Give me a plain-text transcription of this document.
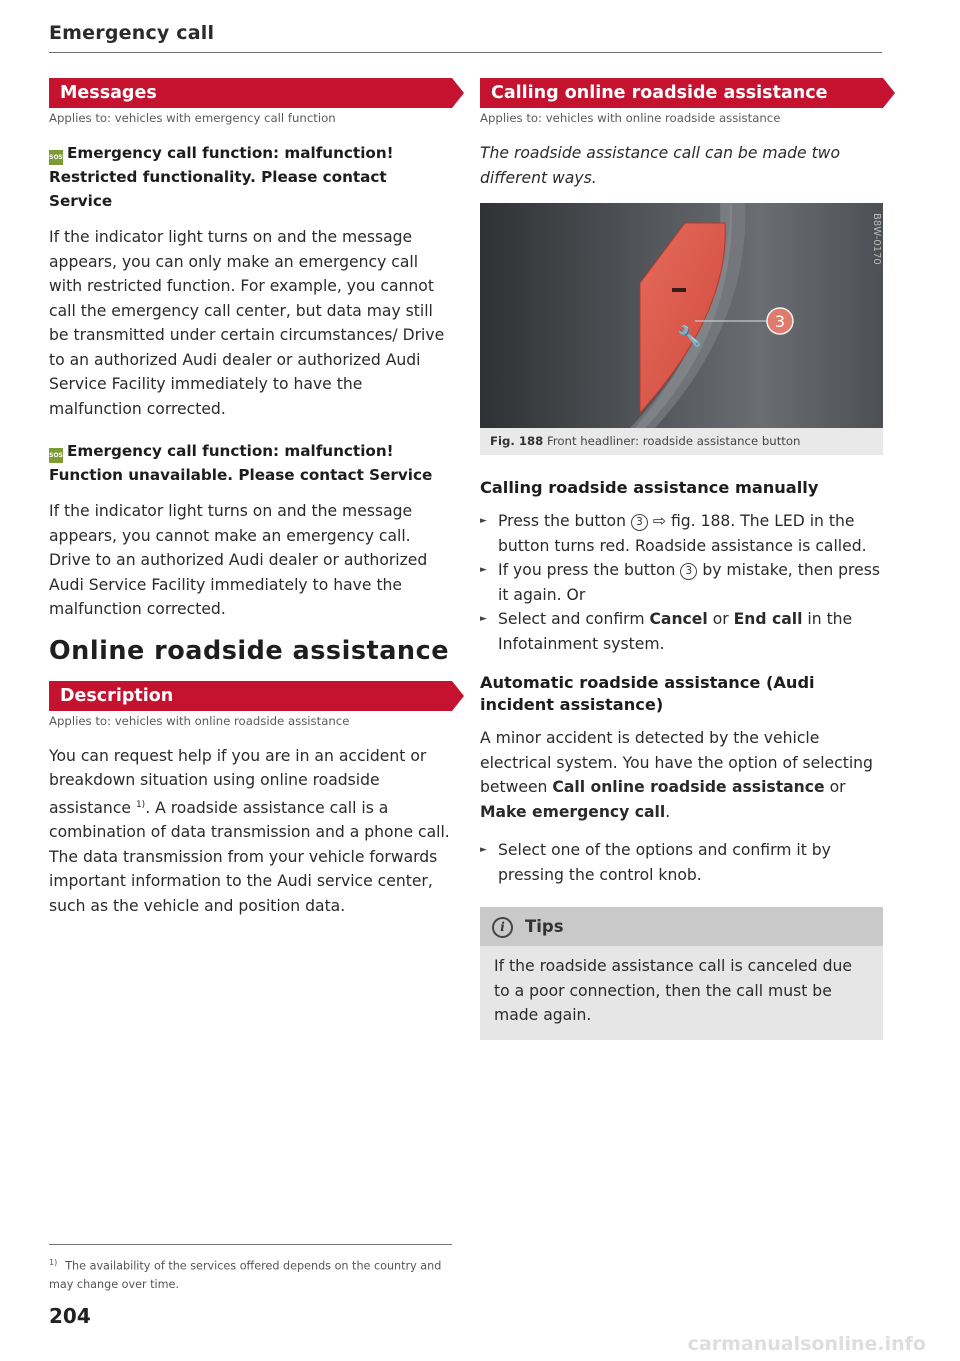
Emergency call
Messages
Applies to: vehicles with emergency call function
SOS Emergency call function: malfunction! Restricted functionality. Please contact Service

If the indicator light turns on and the message appears, you can only make an emergency call with restricted function. For example, you cannot call the emergency call center, but data may still be transmitted under certain circumstances/ Drive to an authorized Audi dealer or authorized Audi Service Facility immediately to have the malfunction corrected.

SOS Emergency call function: malfunction! Function unavailable. Please contact Service

If the indicator light turns on and the message appears, you cannot make an emergency call. Drive to an authorized Audi dealer or authorized Audi Service Facility immediately to have the malfunction corrected.

Online roadside assistance
Description
Applies to: vehicles with online roadside assistance

You can request help if you are in an accident or breakdown situation using online roadside assistance $^{1)}$. A roadside assistance call is a combination of data transmission and a phone call. The data transmission from your vehicle forwards important information to the Audi service center, such as the vehicle and position data.

Calling online roadside assistance
Applies to: vehicles with online roadside assistance

The roadside assistance call can be made two different ways.

🔧
3
B8W-0170
Fig. 188 Front headliner: roadside assistance button
Calling roadside assistance manually
► Press the button 3 ⇨ fig. 188. The LED in the button turns red. Roadside assistance is called.
► If you press the button 3 by mistake, then press it again. Or
► Select and confirm Cancel or End call in the Infotainment system.
Automatic roadside assistance (Audi incident assistance)

A minor accident is detected by the vehicle electrical system. You have the option of selecting between Call online roadside assistance or Make emergency call.

► Select one of the options and confirm it by pressing the control knob.
i Tips
If the roadside assistance call is canceled due to a poor connection, then the call must be made again.
$^{1)}$ The availability of the services offered depends on the country and may change over time.
204
carmanualsonline.info
